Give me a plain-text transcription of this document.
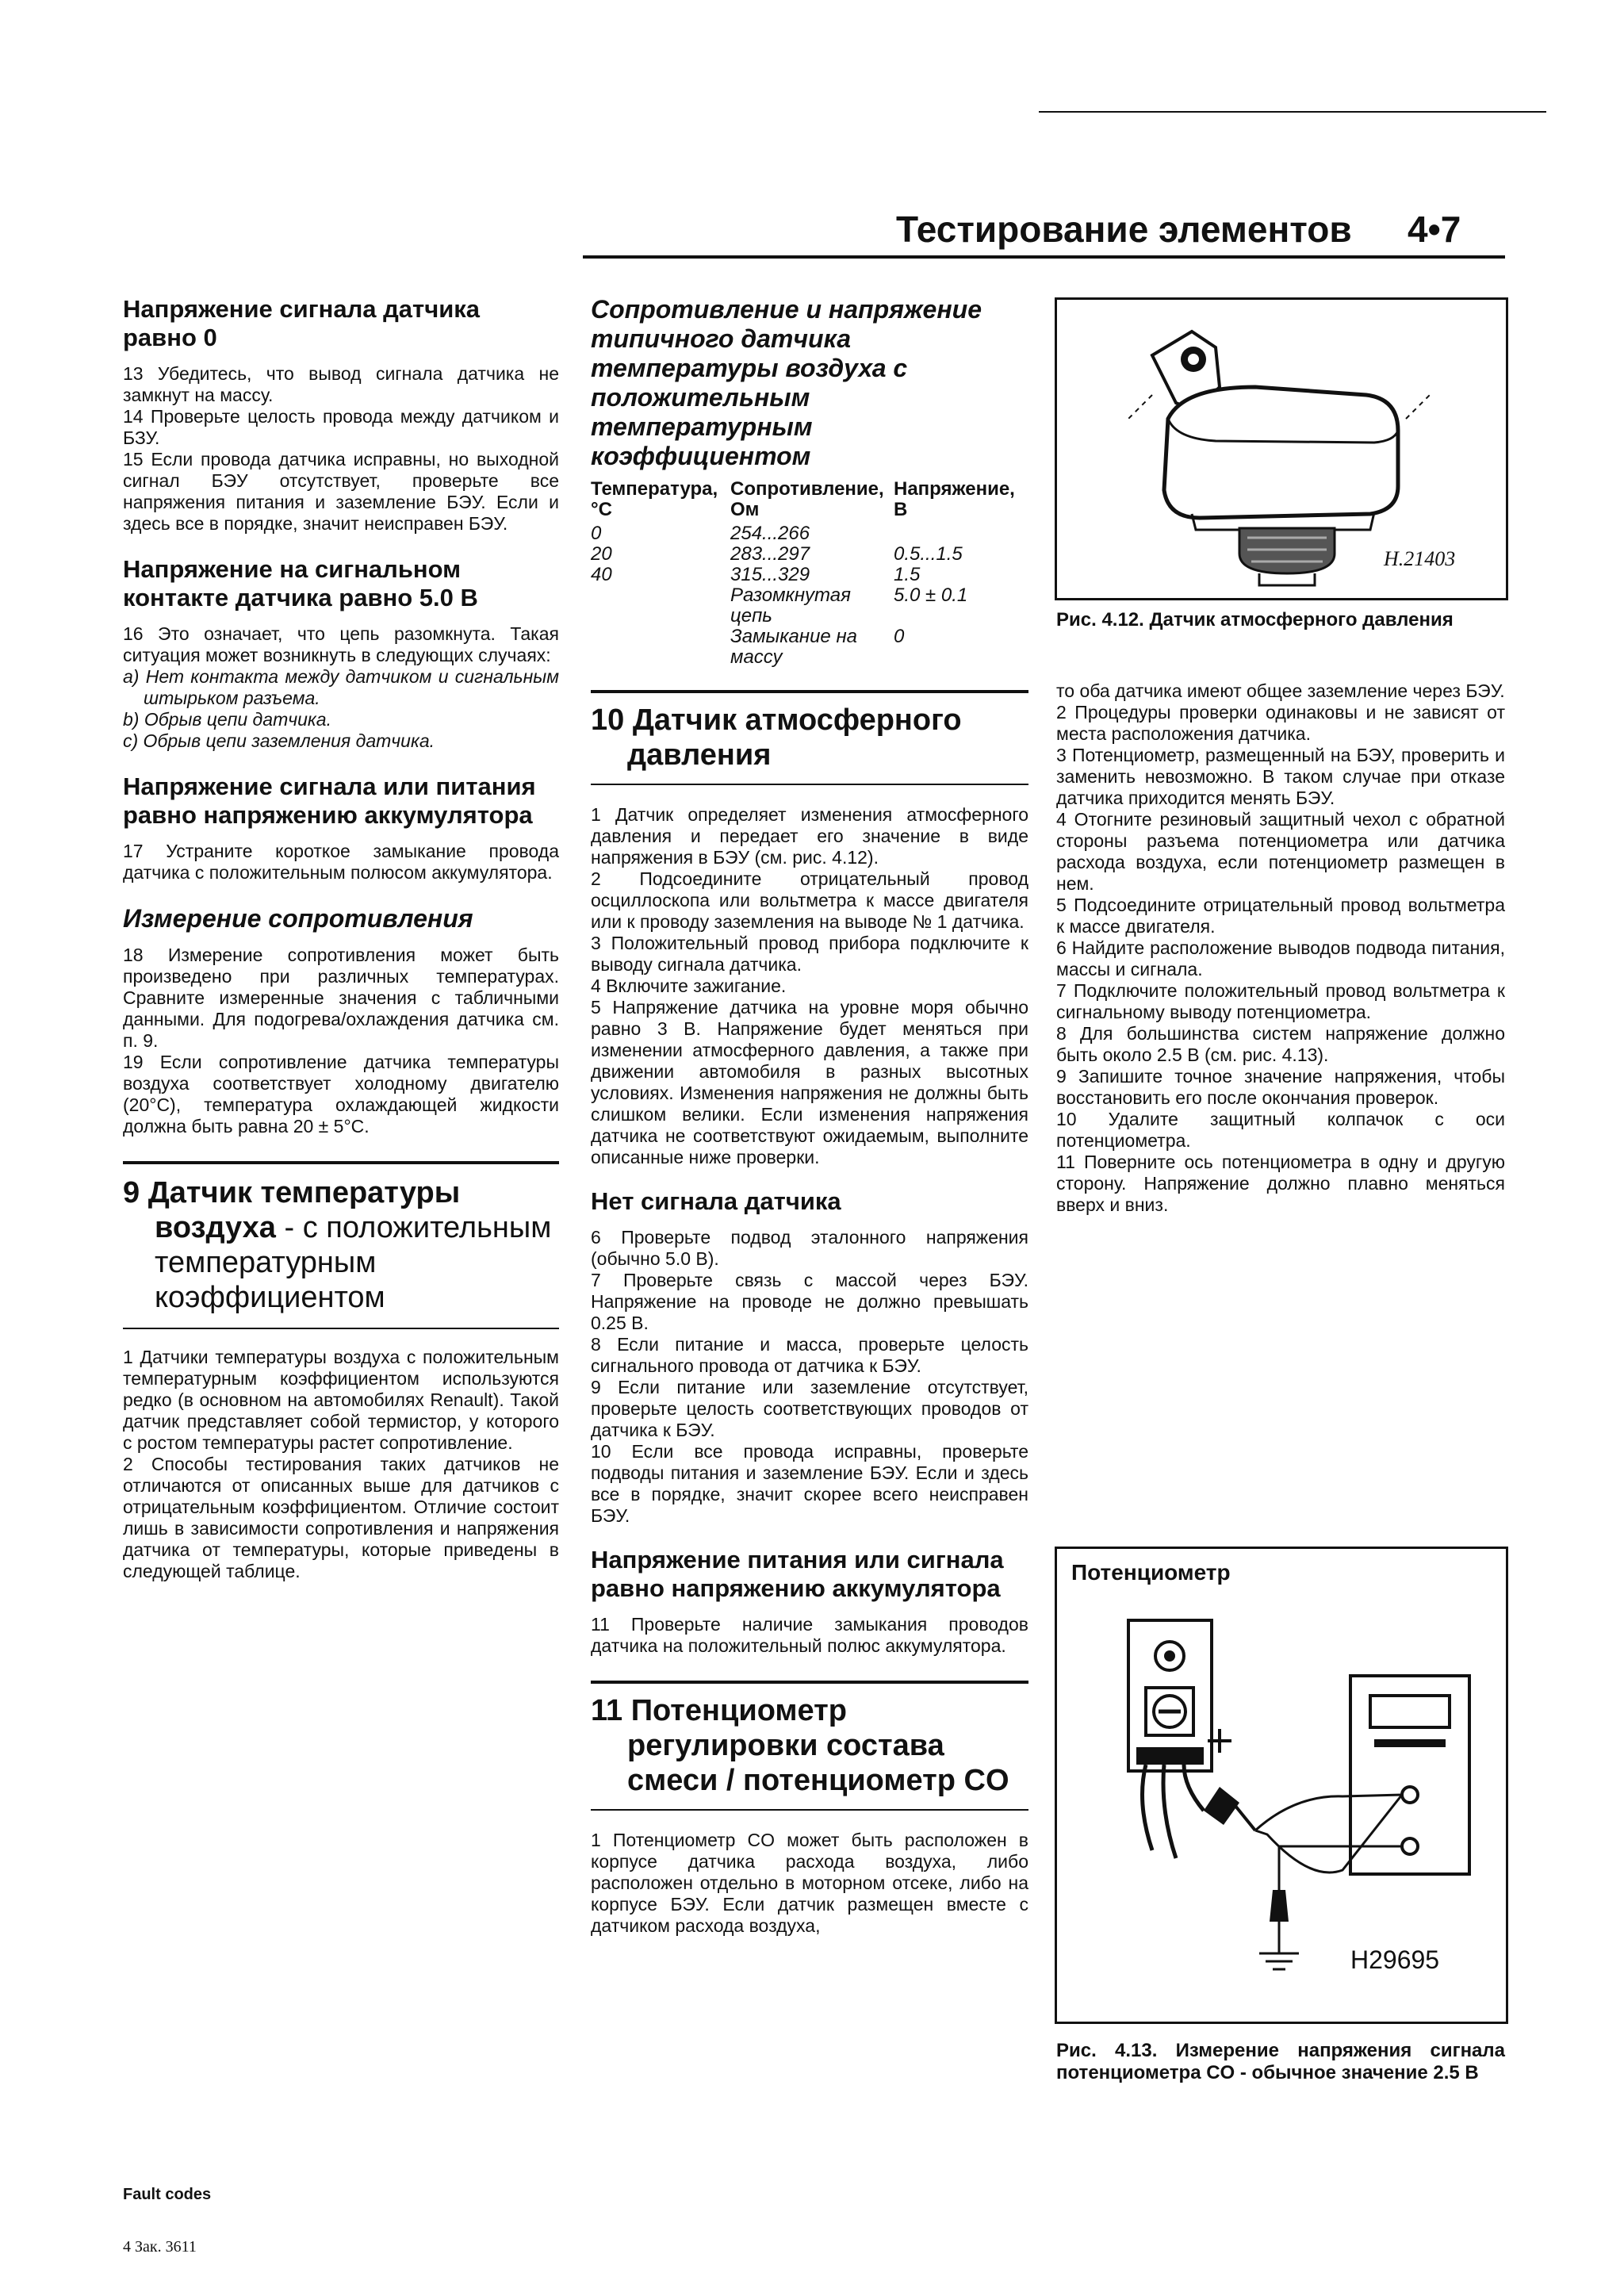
Тестирование элементов 4•7
Напряжение сигнала датчика равно 0

13 Убедитесь, что вывод сигнала датчика не замкнут на массу.

14 Проверьте целость провода между датчиком и БЗУ.

15 Если провода датчика исправны, но выходной сигнал БЭУ отсутствует, проверьте все напряжения питания и заземление БЭУ. Если и здесь все в порядке, значит неисправен БЭУ.

Напряжение на сигнальном контакте датчика равно 5.0 В

16 Это означает, что цепь разомкнута. Такая ситуация может возникнуть в следующих случаях:

a) Нет контакта между датчиком и сигнальным штырьком разъема.

b) Обрыв цепи датчика.

c) Обрыв цепи заземления датчика.

Напряжение сигнала или питания равно напряжению аккумулятора

17 Устраните короткое замыкание провода датчика с положительным полюсом аккумулятора.

Измерение сопротивления

18 Измерение сопротивления может быть произведено при различных температурах. Сравните измеренные значения с табличными данными. Для подогрева/охлаждения датчика см. п. 9.

19 Если сопротивление датчика температуры воздуха соответствует холодному двигателю (20°С), температура охлаждающей жидкости должна быть равна 20 ± 5°С.

9 Датчик температуры воздуха - с положительным температурным коэффициентом

1 Датчики температуры воздуха с положительным температурным коэффициентом используются редко (в основном на автомобилях Renault). Такой датчик представляет собой термистор, у которого с ростом температуры растет сопротивление.

2 Способы тестирования таких датчиков не отличаются от описанных выше для датчиков с отрицательным коэффициентом. Отличие состоит лишь в зависимости сопротивления и напряжения датчика от температуры, которые приведены в следующей таблице.

Fault codes
4 Зак. 3611
Сопротивление и напряжение типичного датчика температуры воздуха с положительным температурным коэффициентом
Температура, °С	Сопротивление, Ом	Напряжение, В
0	254...266	
20	283...297	0.5...1.5
40	315...329	1.5
	Разомкнутая цепь	5.0 ± 0.1
	Замыкание на массу	0
10 Датчик атмосферного давления

1 Датчик определяет изменения атмосферного давления и передает его значение в виде напряжения в БЭУ (см. рис. 4.12).

2 Подсоедините отрицательный провод осциллоскопа или вольтметра к массе двигателя или к проводу заземления на выводе № 1 датчика.

3 Положительный провод прибора подключите к выводу сигнала датчика.

4 Включите зажигание.

5 Напряжение датчика на уровне моря обычно равно 3 В. Напряжение будет меняться при изменении атмосферного давления, а также при движении автомобиля в разных высотных условиях. Изменения напряжения не должны быть слишком велики. Если изменения напряжения датчика не соответствуют ожидаемым, выполните описанные ниже проверки.

Нет сигнала датчика

6 Проверьте подвод эталонного напряжения (обычно 5.0 В).

7 Проверьте связь с массой через БЭУ. Напряжение на проводе не должно превышать 0.25 В.

8 Если питание и масса, проверьте целость сигнального провода от датчика к БЭУ.

9 Если питание или заземление отсутствует, проверьте целость соответствующих проводов от датчика к БЭУ.

10 Если все провода исправны, проверьте подводы питания и заземление БЭУ. Если и здесь все в порядке, значит скорее всего неисправен БЭУ.

Напряжение питания или сигнала равно напряжению аккумулятора

11 Проверьте наличие замыкания проводов датчика на положительный полюс аккумулятора.

11 Потенциометр регулировки состава смеси / потенциометр CO

1 Потенциометр CO может быть расположен в корпусе датчика расхода воздуха, либо расположен отдельно в моторном отсеке, либо на корпусе БЭУ. Если датчик размещен вместе с датчиком расхода воздуха,

H.21403
Рис. 4.12. Датчик атмосферного давления

то оба датчика имеют общее заземление через БЭУ.

2 Процедуры проверки одинаковы и не зависят от места расположения датчика.

3 Потенциометр, размещенный на БЭУ, проверить и заменить невозможно. В таком случае при отказе датчика приходится менять БЭУ.

4 Отогните резиновый защитный чехол с обратной стороны разъема потенциометра или датчика расхода воздуха, если потенциометр размещен в нем.

5 Подсоедините отрицательный провод вольтметра к массе двигателя.

6 Найдите расположение выводов подвода питания, массы и сигнала.

7 Подключите положительный провод вольтметра к сигнальному выводу потенциометра.

8 Для большинства систем напряжение должно быть около 2.5 В (см. рис. 4.13).

9 Запишите точное значение напряжения, чтобы восстановить его после окончания проверок.

10 Удалите защитный колпачок с оси потенциометра.

11 Поверните ось потенциометра в одну и другую сторону. Напряжение должно плавно меняться вверх и вниз.

Потенциометр
H29695
Рис. 4.13. Измерение напряжения сигнала потенциометра CO - обычное значение 2.5 В
